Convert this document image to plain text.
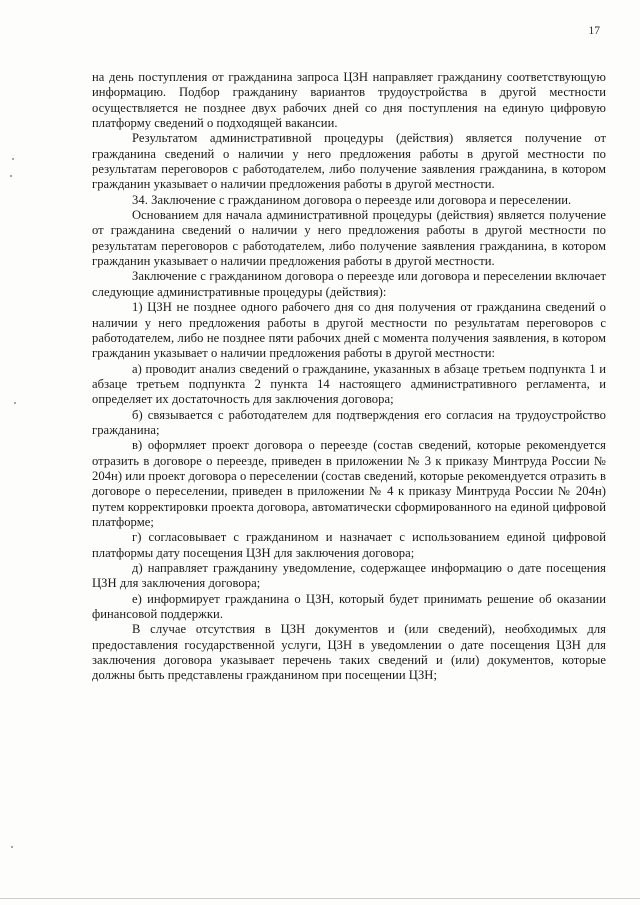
17

на день поступления от гражданина запроса ЦЗН направляет гражданину соответствующую информацию. Подбор гражданину вариантов трудоустройства в другой местности осуществляется не позднее двух рабочих дней со дня поступления на единую цифровую платформу сведений о подходящей вакансии.

Результатом административной процедуры (действия) является получение от гражданина сведений о наличии у него предложения работы в другой местности по результатам переговоров с работодателем, либо получение заявления гражданина, в котором гражданин указывает о наличии предложения работы в другой местности.

34. Заключение с гражданином договора о переезде или договора и переселении.

Основанием для начала административной процедуры (действия) является получение от гражданина сведений о наличии у него предложения работы в другой местности по результатам переговоров с работодателем, либо получение заявления гражданина, в котором гражданин указывает о наличии предложения работы в другой местности.

Заключение с гражданином договора о переезде или договора и переселении включает следующие административные процедуры (действия):

1) ЦЗН не позднее одного рабочего дня со дня получения от гражданина сведений о наличии у него предложения работы в другой местности по результатам переговоров с работодателем, либо не позднее пяти рабочих дней с момента получения заявления, в котором гражданин указывает о наличии предложения работы в другой местности:

а) проводит анализ сведений о гражданине, указанных в абзаце третьем подпункта 1 и абзаце третьем подпункта 2 пункта 14 настоящего административного регламента, и определяет их достаточность для заключения договора;

б) связывается с работодателем для подтверждения его согласия на трудоустройство гражданина;

в) оформляет проект договора о переезде (состав сведений, которые рекомендуется отразить в договоре о переезде, приведен в приложении № 3 к приказу Минтруда России № 204н) или проект договора о переселении (состав сведений, которые рекомендуется отразить в договоре о переселении, приведен в приложении № 4 к приказу Минтруда России № 204н) путем корректировки проекта договора, автоматически сформированного на единой цифровой платформе;

г) согласовывает с гражданином и назначает с использованием единой цифровой платформы дату посещения ЦЗН для заключения договора;

д) направляет гражданину уведомление, содержащее информацию о дате посещения ЦЗН для заключения договора;

е) информирует гражданина о ЦЗН, который будет принимать решение об оказании финансовой поддержки.

В случае отсутствия в ЦЗН документов и (или сведений), необходимых для предоставления государственной услуги, ЦЗН в уведомлении о дате посещения ЦЗН для заключения договора указывает перечень таких сведений и (или) документов, которые должны быть представлены гражданином при посещении ЦЗН;
